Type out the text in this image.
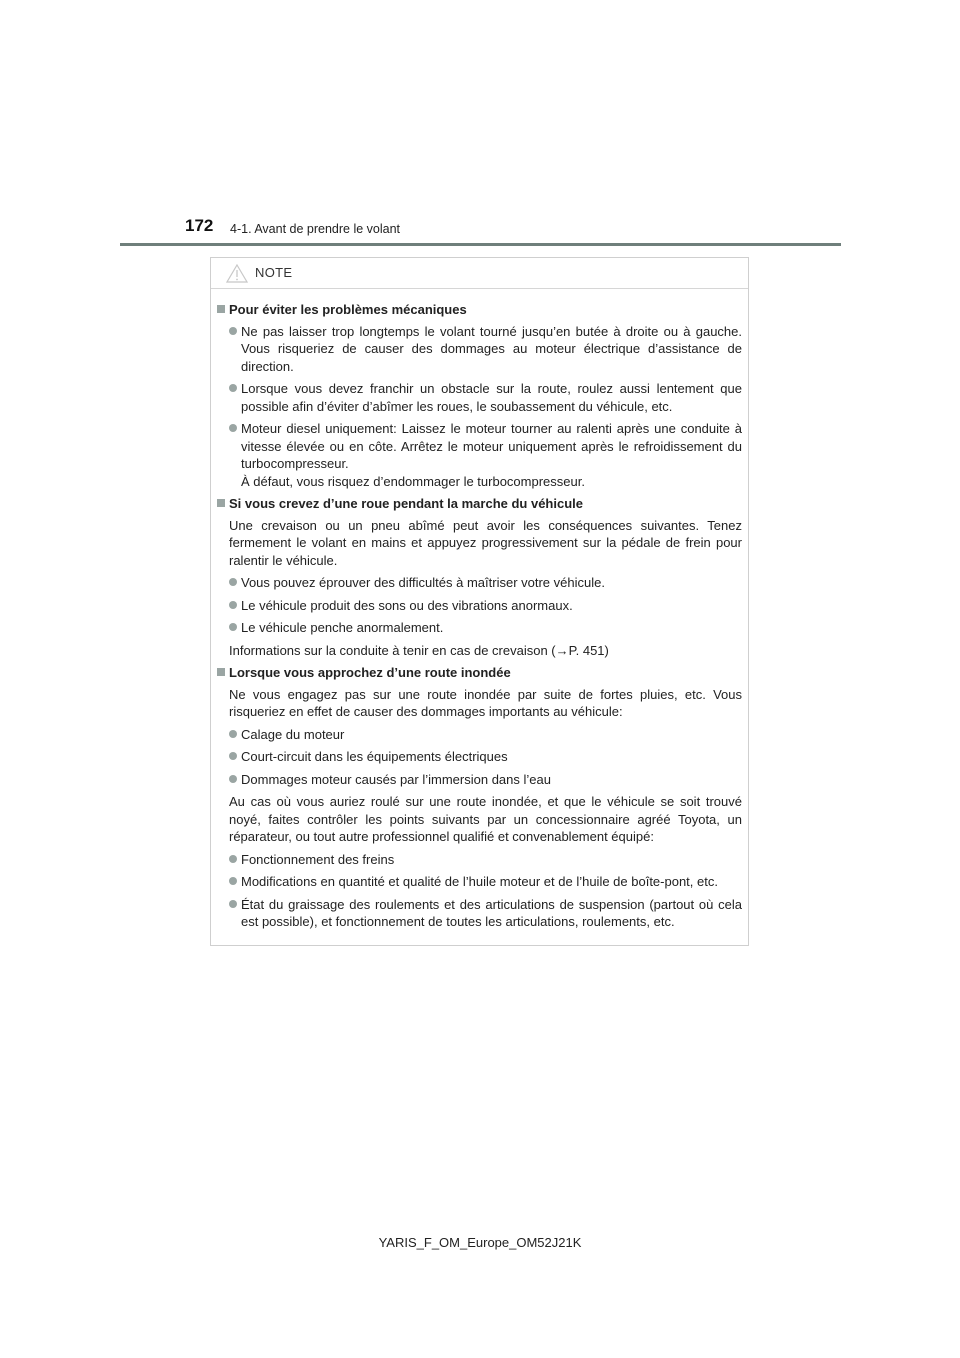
172 4-1. Avant de prendre le volant
NOTE
Pour éviter les problèmes mécaniques
Ne pas laisser trop longtemps le volant tourné jusqu’en butée à droite ou à gauche. Vous risqueriez de causer des dommages au moteur électrique d’assistance de direction.
Lorsque vous devez franchir un obstacle sur la route, roulez aussi lentement que possible afin d’éviter d’abîmer les roues, le soubassement du véhicule, etc.
Moteur diesel uniquement: Laissez le moteur tourner au ralenti après une conduite à vitesse élevée ou en côte. Arrêtez le moteur uniquement après le refroidissement du turbocompresseur.
À défaut, vous risquez d’endommager le turbocompresseur.
Si vous crevez d’une roue pendant la marche du véhicule
Une crevaison ou un pneu abîmé peut avoir les conséquences suivantes. Tenez fermement le volant en mains et appuyez progressivement sur la pédale de frein pour ralentir le véhicule.
Vous pouvez éprouver des difficultés à maîtriser votre véhicule.
Le véhicule produit des sons ou des vibrations anormaux.
Le véhicule penche anormalement.
Informations sur la conduite à tenir en cas de crevaison (→P. 451)
Lorsque vous approchez d’une route inondée
Ne vous engagez pas sur une route inondée par suite de fortes pluies, etc. Vous risqueriez en effet de causer des dommages importants au véhicule:
Calage du moteur
Court-circuit dans les équipements électriques
Dommages moteur causés par l’immersion dans l’eau
Au cas où vous auriez roulé sur une route inondée, et que le véhicule se soit trouvé noyé, faites contrôler les points suivants par un concessionnaire agréé Toyota, un réparateur, ou tout autre professionnel qualifié et convenablement équipé:
Fonctionnement des freins
Modifications en quantité et qualité de l’huile moteur et de l’huile de boîte-pont, etc.
État du graissage des roulements et des articulations de suspension (partout où cela est possible), et fonctionnement de toutes les articulations, roulements, etc.
YARIS_F_OM_Europe_OM52J21K
